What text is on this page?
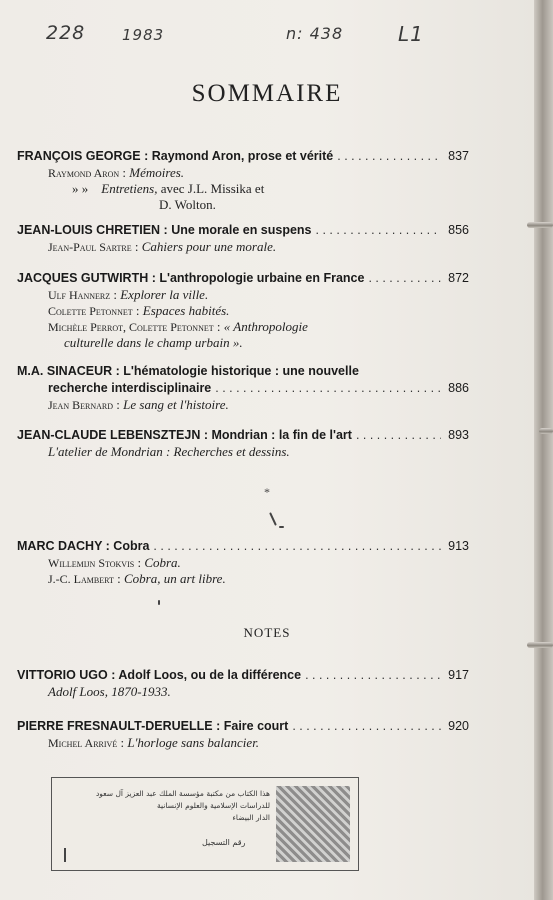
228 1983	n: 438	L1
SOMMAIRE
FRANÇOIS GEORGE : Raymond Aron, prose et vérité . . .	837
Raymond Aron : Mémoires.
» » Entretiens, avec J.L. Missika et
D. Wolton.
JEAN-LOUIS CHRETIEN : Une morale en suspens . . .	856
Jean-Paul Sartre : Cahiers pour une morale.
JACQUES GUTWIRTH : L'anthropologie urbaine en France . . .	872
Ulf Hannerz : Explorer la ville.
Colette Petonnet : Espaces habités.
Michèle Perrot, Colette Petonnet : « Anthropologie
culturelle dans le champ urbain ».
M.A. SINACEUR : L'hématologie historique : une nouvelle
recherche interdisciplinaire . . .	886
Jean Bernard : Le sang et l'histoire.
JEAN-CLAUDE LEBENSZTEJN : Mondrian : la fin de l'art . . .	893
L'atelier de Mondrian : Recherches et dessins.
*
MARC DACHY : Cobra . . .	913
Willemijn Stokvis : Cobra.
J.-C. Lambert : Cobra, un art libre.
NOTES
VITTORIO UGO : Adolf Loos, ou de la différence . . .	917
Adolf Loos, 1870-1933.
PIERRE FRESNAULT-DERUELLE : Faire court . . .	920
Michel Arrivé : L'horloge sans balancier.
هذا الكتاب من مكتبة مؤسسة الملك عبد العزيز آل سعود
للدراسات الإسلامية والعلوم الإنسانية
الدار البيضاء
رقم التسجيل
